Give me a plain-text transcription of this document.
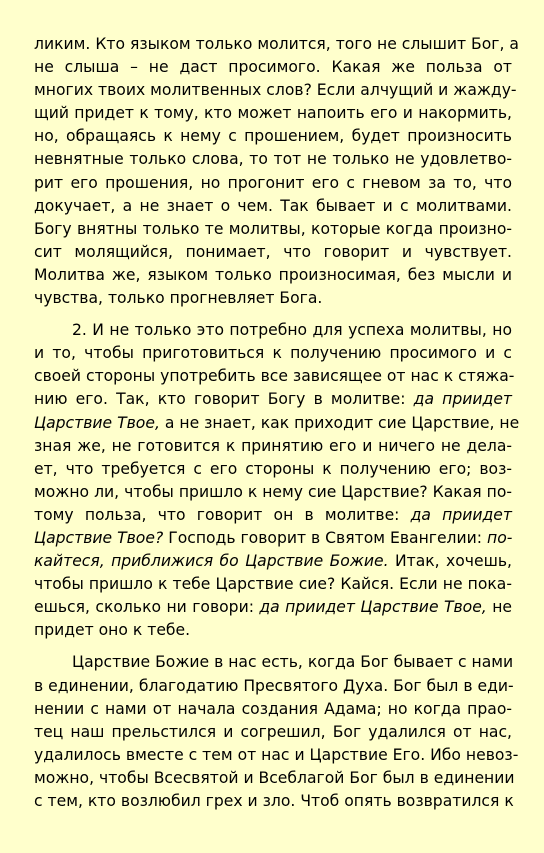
ликим. Кто языком только молится, того не слышит Бог, а
не слыша – не даст просимого. Какая же польза от
многих твоих молитвенных слов? Если алчущий и жажду-
щий придет к тому, кто может напоить его и накормить,
но, обращаясь к нему с прошением, будет произносить
невнятные только слова, то тот не только не удовлетво-
рит его прошения, но прогонит его с гневом за то, что
докучает, а не знает о чем. Так бывает и с молитвами.
Богу внятны только те молитвы, которые когда произно-
сит молящийся, понимает, что говорит и чувствует.
Молитва же, языком только произносимая, без мысли и
чувства, только прогневляет Бога.
2. И не только это потребно для успеха молитвы, но
и то, чтобы приготовиться к получению просимого и с
своей стороны употребить все зависящее от нас к стяжа-
нию его. Так, кто говорит Богу в молитве: да приидет
Царствие Твое, а не знает, как приходит сие Царствие, не
зная же, не готовится к принятию его и ничего не дела-
ет, что требуется с его стороны к получению его; воз-
можно ли, чтобы пришло к нему сие Царствие? Какая по-
тому польза, что говорит он в молитве: да приидет
Царствие Твое? Господь говорит в Святом Евангелии: по-
кайтеся, приближися бо Царствие Божие. Итак, хочешь,
чтобы пришло к тебе Царствие сие? Кайся. Если не пока-
ешься, сколько ни говори: да приидет Царствие Твое, не
придет оно к тебе.
Царствие Божие в нас есть, когда Бог бывает с нами
в единении, благодатию Пресвятого Духа. Бог был в еди-
нении с нами от начала создания Адама; но когда прао-
тец наш прельстился и согрешил, Бог удалился от нас,
удалилось вместе с тем от нас и Царствие Его. Ибо невоз-
можно, чтобы Всесвятой и Всеблагой Бог был в единении
с тем, кто возлюбил грех и зло. Чтоб опять возвратился к
